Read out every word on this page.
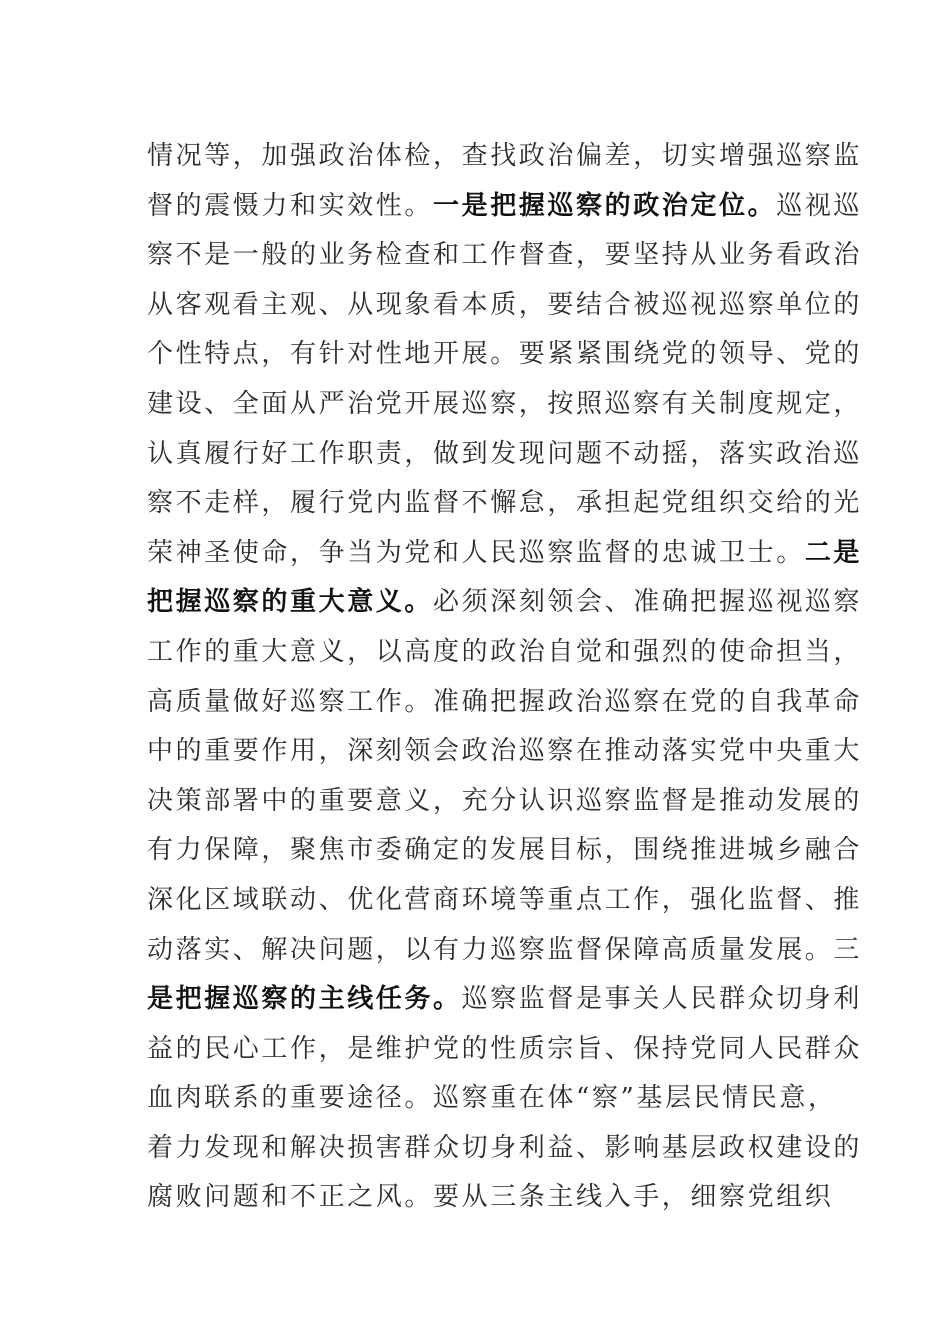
情况等，加强政治体检，查找政治偏差，切实增强巡察监
督的震慑力和实效性。一是把握巡察的政治定位。巡视巡
察不是一般的业务检查和工作督查，要坚持从业务看政治
从客观看主观、从现象看本质，要结合被巡视巡察单位的
个性特点，有针对性地开展。要紧紧围绕党的领导、党的
建设、全面从严治党开展巡察，按照巡察有关制度规定，
认真履行好工作职责，做到发现问题不动摇，落实政治巡
察不走样，履行党内监督不懈怠，承担起党组织交给的光
荣神圣使命，争当为党和人民巡察监督的忠诚卫士。二是
把握巡察的重大意义。必须深刻领会、准确把握巡视巡察
工作的重大意义，以高度的政治自觉和强烈的使命担当，
高质量做好巡察工作。准确把握政治巡察在党的自我革命
中的重要作用，深刻领会政治巡察在推动落实党中央重大
决策部署中的重要意义，充分认识巡察监督是推动发展的
有力保障，聚焦市委确定的发展目标，围绕推进城乡融合
深化区域联动、优化营商环境等重点工作，强化监督、推
动落实、解决问题，以有力巡察监督保障高质量发展。三
是把握巡察的主线任务。巡察监督是事关人民群众切身利
益的民心工作，是维护党的性质宗旨、保持党同人民群众
血肉联系的重要途径。巡察重在体“察”基层民情民意，
着力发现和解决损害群众切身利益、影响基层政权建设的
腐败问题和不正之风。要从三条主线入手，细察党组织
